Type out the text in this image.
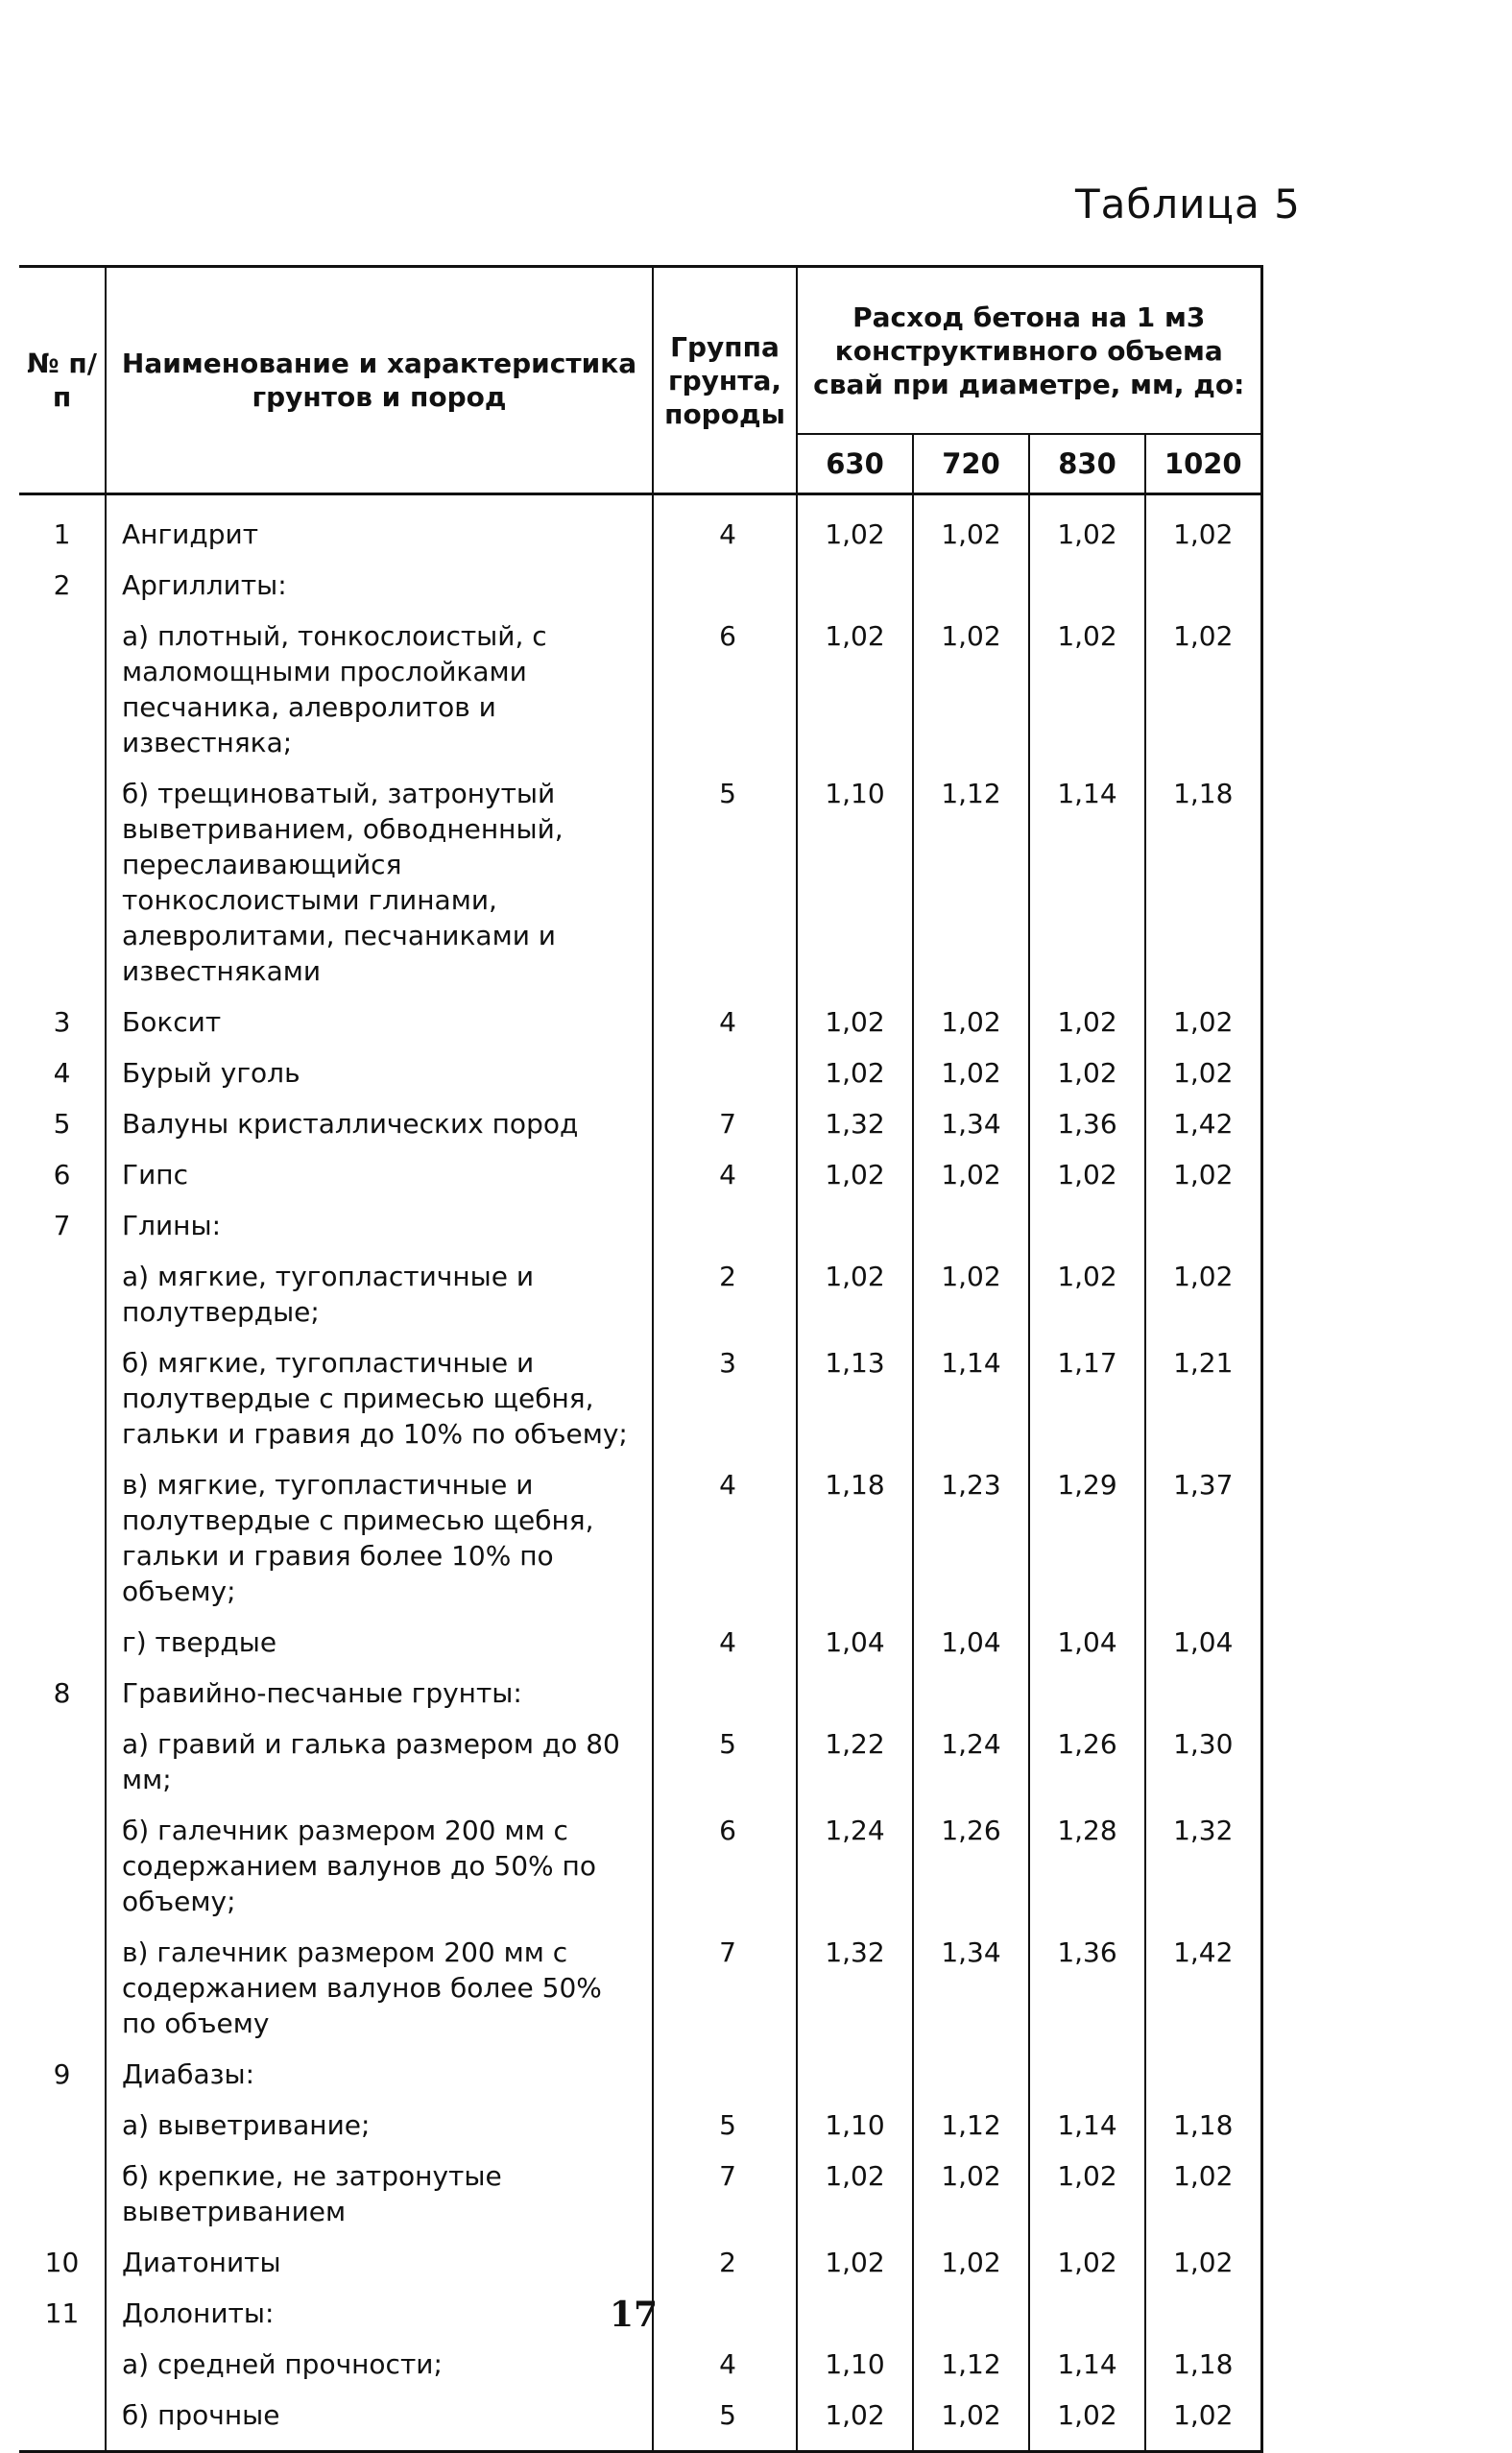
Таблица 5
№ п/п	Наименование и характеристика грунтов и пород	Группа грунта, породы	Расход бетона на 1 м3 конструктивного объема свай при диаметре, мм, до:			
			630	720	830	1020
1	Ангидрит	4	1,02	1,02	1,02	1,02
2	Аргиллиты:					
	а) плотный, тонкослоистый, с маломощными прослойками песчаника, алевролитов и известняка;	6	1,02	1,02	1,02	1,02
	б) трещиноватый, затронутый выветриванием, обводненный, переслаивающийся тонкослоистыми глинами, алевролитами, песчаниками и известняками	5	1,10	1,12	1,14	1,18
3	Боксит	4	1,02	1,02	1,02	1,02
4	Бурый уголь		1,02	1,02	1,02	1,02
5	Валуны кристаллических пород	7	1,32	1,34	1,36	1,42
6	Гипс	4	1,02	1,02	1,02	1,02
7	Глины:					
	а) мягкие, тугопластичные и полутвердые;	2	1,02	1,02	1,02	1,02
	б) мягкие, тугопластичные и полутвердые с примесью щебня, гальки и гравия до 10% по объему;	3	1,13	1,14	1,17	1,21
	в) мягкие, тугопластичные и полутвердые с примесью щебня, гальки и гравия более 10% по объему;	4	1,18	1,23	1,29	1,37
	г) твердые	4	1,04	1,04	1,04	1,04
8	Гравийно-песчаные грунты:					
	а) гравий и галька размером до 80 мм;	5	1,22	1,24	1,26	1,30
	б) галечник размером 200 мм с содержанием валунов до 50% по объему;	6	1,24	1,26	1,28	1,32
	в) галечник размером 200 мм с содержанием валунов более 50% по объему	7	1,32	1,34	1,36	1,42
9	Диабазы:					
	а) выветривание;	5	1,10	1,12	1,14	1,18
	б) крепкие, не затронутые выветриванием	7	1,02	1,02	1,02	1,02
10	Диатониты	2	1,02	1,02	1,02	1,02
11	Долониты:					
	а) средней прочности;	4	1,10	1,12	1,14	1,18
	б) прочные	5	1,02	1,02	1,02	1,02
17
